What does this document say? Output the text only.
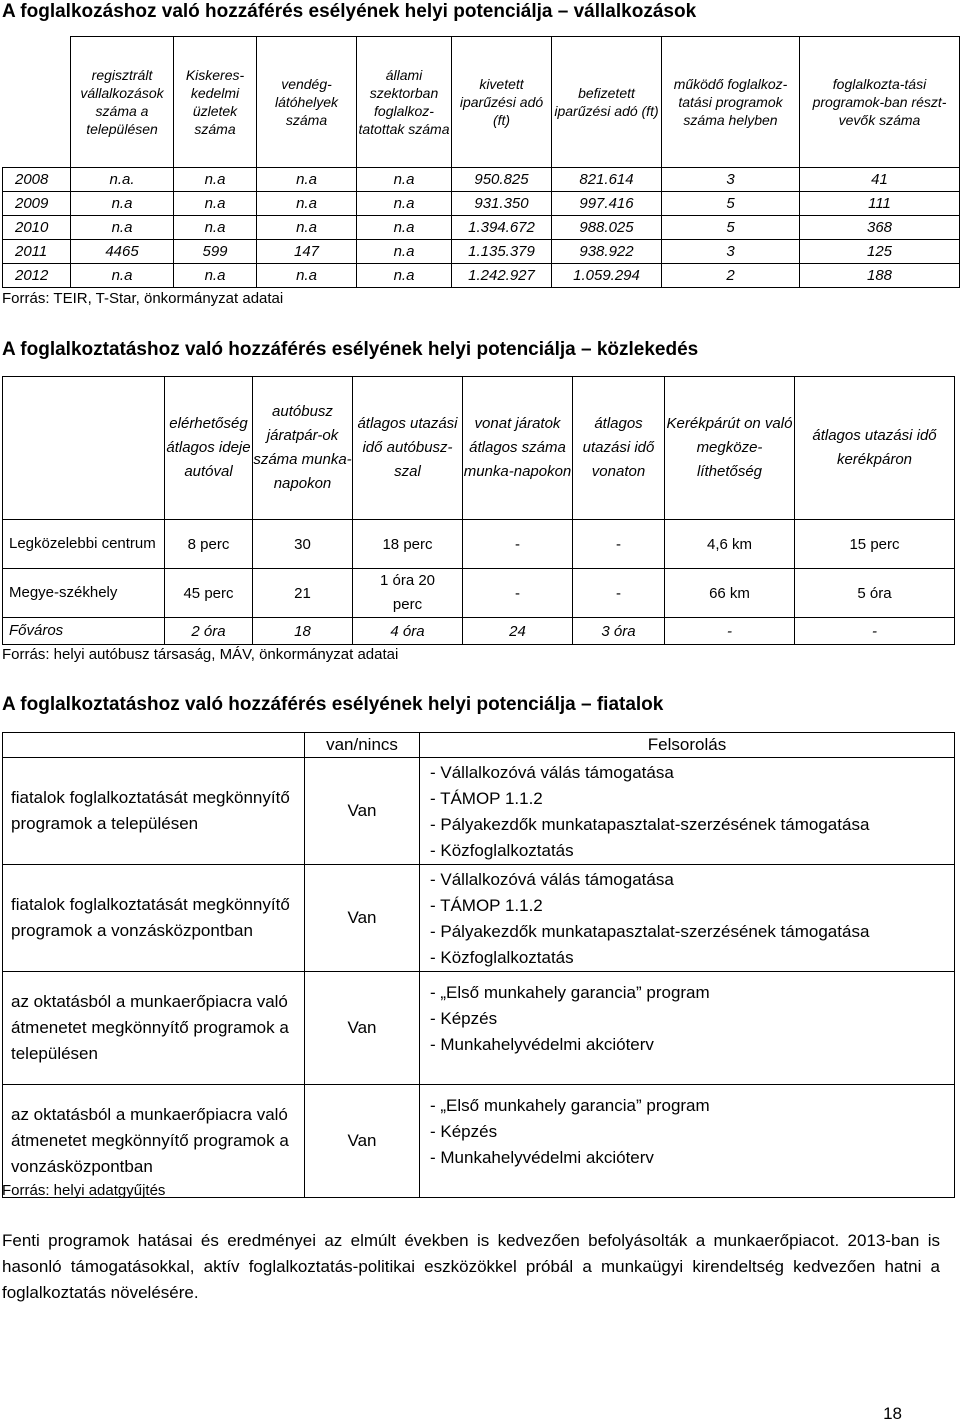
A foglalkozáshoz való hozzáférés esélyének helyi potenciálja – vállalkozások
	regisztrált vállalkozások száma a településen	Kiskeres-kedelmi üzletek száma	vendég-látóhelyek száma	állami szektorban foglalkoz-tatottak száma	kivetett iparűzési adó (ft)	befizetett iparűzési adó (ft)	működő foglalkoz-tatási programok száma helyben	foglalkozta-tási programok-ban részt-vevők száma
2008	n.a.	n.a	n.a	n.a	950.825	821.614	3	41
2009	n.a	n.a	n.a	n.a	931.350	997.416	5	111
2010	n.a	n.a	n.a	n.a	1.394.672	988.025	5	368
2011	4465	599	147	n.a	1.135.379	938.922	3	125
2012	n.a	n.a	n.a	n.a	1.242.927	1.059.294	2	188
Forrás: TEIR, T-Star, önkormányzat adatai
A foglalkoztatáshoz való hozzáférés esélyének helyi potenciálja – közlekedés
	elérhetőség átlagos ideje autóval	autóbusz járatpár-ok száma munka-napokon	átlagos utazási idő autóbusz-szal	vonat járatok átlagos száma munka-napokon	átlagos utazási idő vonaton	Kerékpárút on való megköze-líthetőség	átlagos utazási idő kerékpáron
Legközelebbi centrum	8 perc	30	18 perc	-	-	4,6 km	15 perc
Megye-székhely	45 perc	21	1 óra 20 perc	-	-	66 km	5 óra
Főváros	2 óra	18	4 óra	24	3 óra	-	-
Forrás: helyi autóbusz társaság, MÁV, önkormányzat adatai
A foglalkoztatáshoz való hozzáférés esélyének helyi potenciálja – fiatalok
	van/nincs	Felsorolás
fiatalok foglalkoztatását megkönnyítő programok a településen	Van	- Vállalkozóvá válás támogatása
- TÁMOP 1.1.2
- Pályakezdők munkatapasztalat-szerzésének támogatása
- Közfoglalkoztatás

fiatalok foglalkoztatását megkönnyítő programok a vonzásközpontban	Van	- Vállalkozóvá válás támogatása
- TÁMOP 1.1.2
- Pályakezdők munkatapasztalat-szerzésének támogatása
- Közfoglalkoztatás

az oktatásból a munkaerőpiacra való átmenetet megkönnyítő programok a településen	Van	- „Első munkahely garancia” program
- Képzés
- Munkahelyvédelmi akcióterv

az oktatásból a munkaerőpiacra való átmenetet megkönnyítő programok a vonzásközpontban	Van	- „Első munkahely garancia” program
- Képzés
- Munkahelyvédelmi akcióterv
Forrás: helyi adatgyűjtés

Fenti programok hatásai és eredményei az elmúlt években is kedvezően befolyásolták a munkaerőpiacot. 2013-ban is hasonló támogatásokkal, aktív foglalkoztatás-politikai eszközökkel próbál a munkaügyi kirendeltség kedvezően hatni a foglalkoztatás növelésére.

18
